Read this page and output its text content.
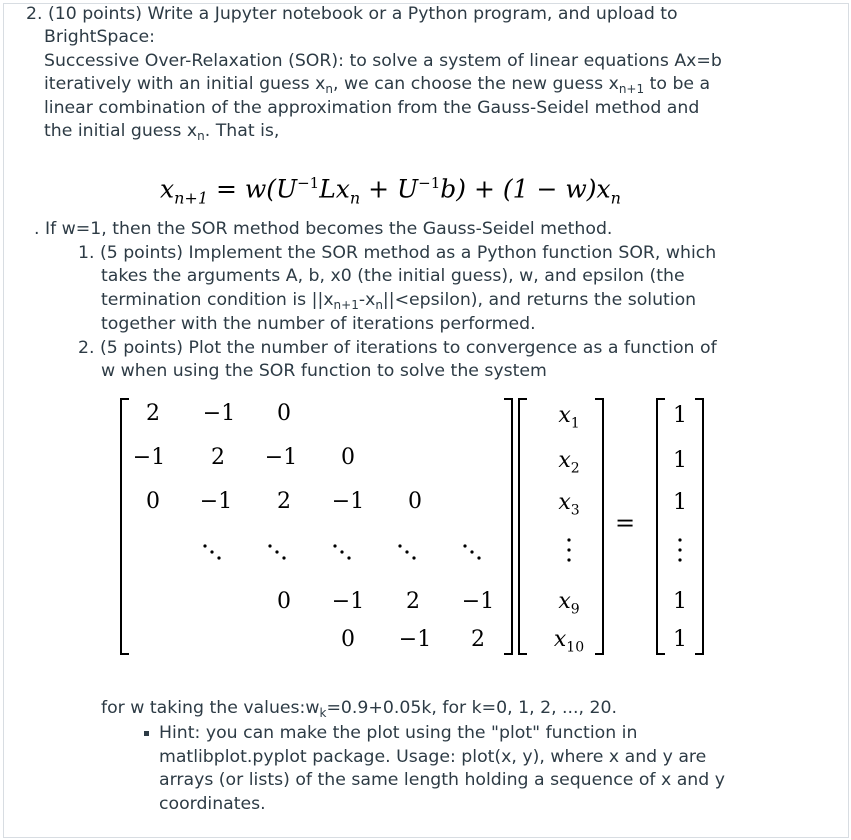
2. (10 points) Write a Jupyter notebook or a Python program, and upload to
BrightSpace:
Successive Over-Relaxation (SOR): to solve a system of linear equations Ax=b
iteratively with an initial guess $x_n$, we can choose the new guess $x_{n+1}$ to be a
linear combination of the approximation from the Gauss-Seidel method and
the initial guess $x_n$. That is,
$x_{n+1} = w(U^{-1}Lx_n + U^{-1}b) + (1 - w)x_n$
. If w=1, then the SOR method becomes the Gauss-Seidel method.
1. (5 points) Implement the SOR method as a Python function SOR, which
takes the arguments A, b, x0 (the initial guess), w, and epsilon (the
termination condition is $||x_{n+1}-x_n||<epsilon$), and returns the solution
together with the number of iterations performed.
2. (5 points) Plot the number of iterations to convergence as a function of
w when using the SOR function to solve the system
2 −1 0
−1 2 −1 0
0 −1 2 −1 0
0 −1 2 −1
0 −1 2
$x_1$
$x_2$
$x_3$
$x_9$
$x_{10}$
=
1
1
1
1
1
for w taking the $values:w_k=0.9+0.05k$, for k=0, 1, 2, ..., 20.
Hint: you can make the plot using the "plot" function in
matlibplot.pyplot package. Usage: plot(x, y), where x and y are
arrays (or lists) of the same length holding a sequence of x and y
coordinates.
